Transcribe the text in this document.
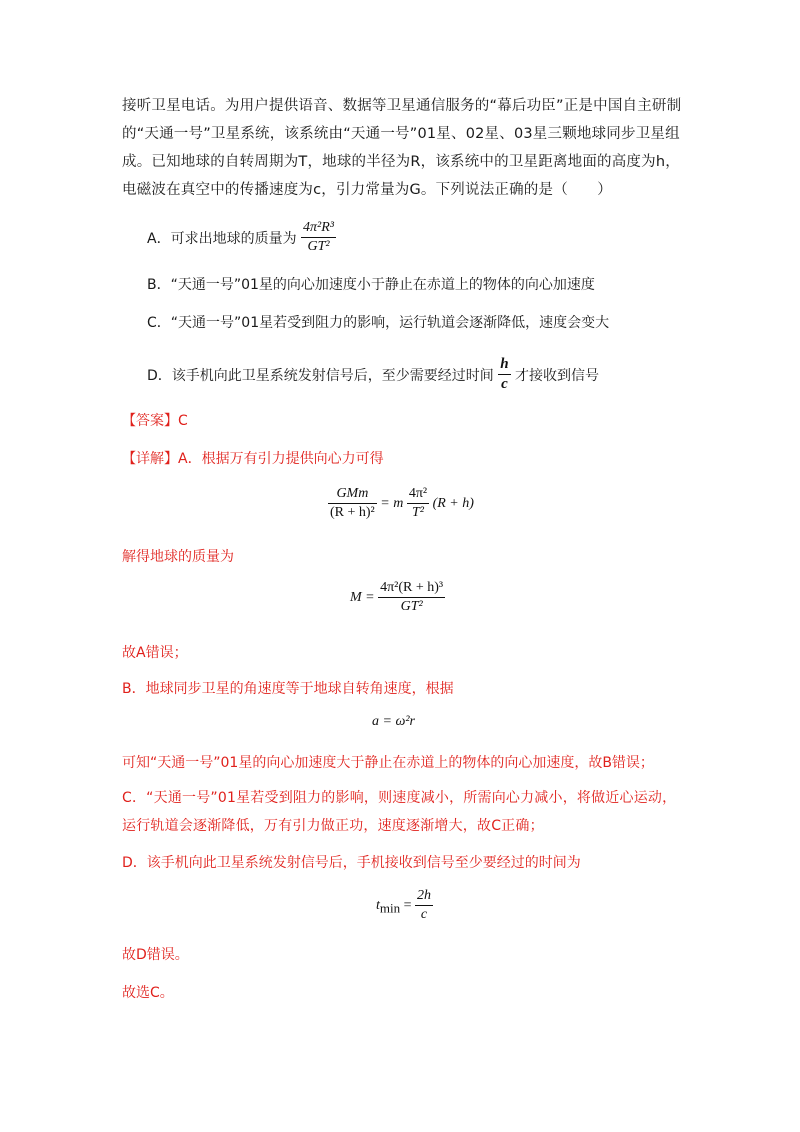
接听卫星电话。为用户提供语音、数据等卫星通信服务的“幕后功臣”正是中国自主研制的“天通一号”卫星系统，该系统由“天通一号”01星、02星、03星三颗地球同步卫星组成。已知地球的自转周期为T，地球的半径为R，该系统中的卫星距离地面的高度为h，电磁波在真空中的传播速度为c，引力常量为G。下列说法正确的是（　　）

A．可求出地球的质量为 $\frac{\text{4π²R³}}{\text{GT²}}$
B．“天通一号”01星的向心加速度小于静止在赤道上的物体的向心加速度
C．“天通一号”01星若受到阻力的影响，运行轨道会逐渐降低，速度会变大
D．该手机向此卫星系统发射信号后，至少需要经过时间 $\frac{h}{c}$ 才接收到信号
【答案】C
【详解】A．根据万有引力提供向心力可得
$\frac{\text{GMm}}{\text{(R + h)²}} = m \frac{\text{4π²}}{\text{T²}} (R + h)$
解得地球的质量为
$M = \frac{\text{4π²(R + h)³}}{\text{GT²}}$
故A错误；
B．地球同步卫星的角速度等于地球自转角速度，根据
a = ω²r
可知“天通一号”01星的向心加速度大于静止在赤道上的物体的向心加速度，故B错误；

C．“天通一号”01星若受到阻力的影响，则速度减小，所需向心力减小，将做近心运动，运行轨道会逐渐降低，万有引力做正功，速度逐渐增大，故C正确；

D．该手机向此卫星系统发射信号后，手机接收到信号至少要经过的时间为
$t_{min} = \frac{2h}{c}$
故D错误。
故选C。
